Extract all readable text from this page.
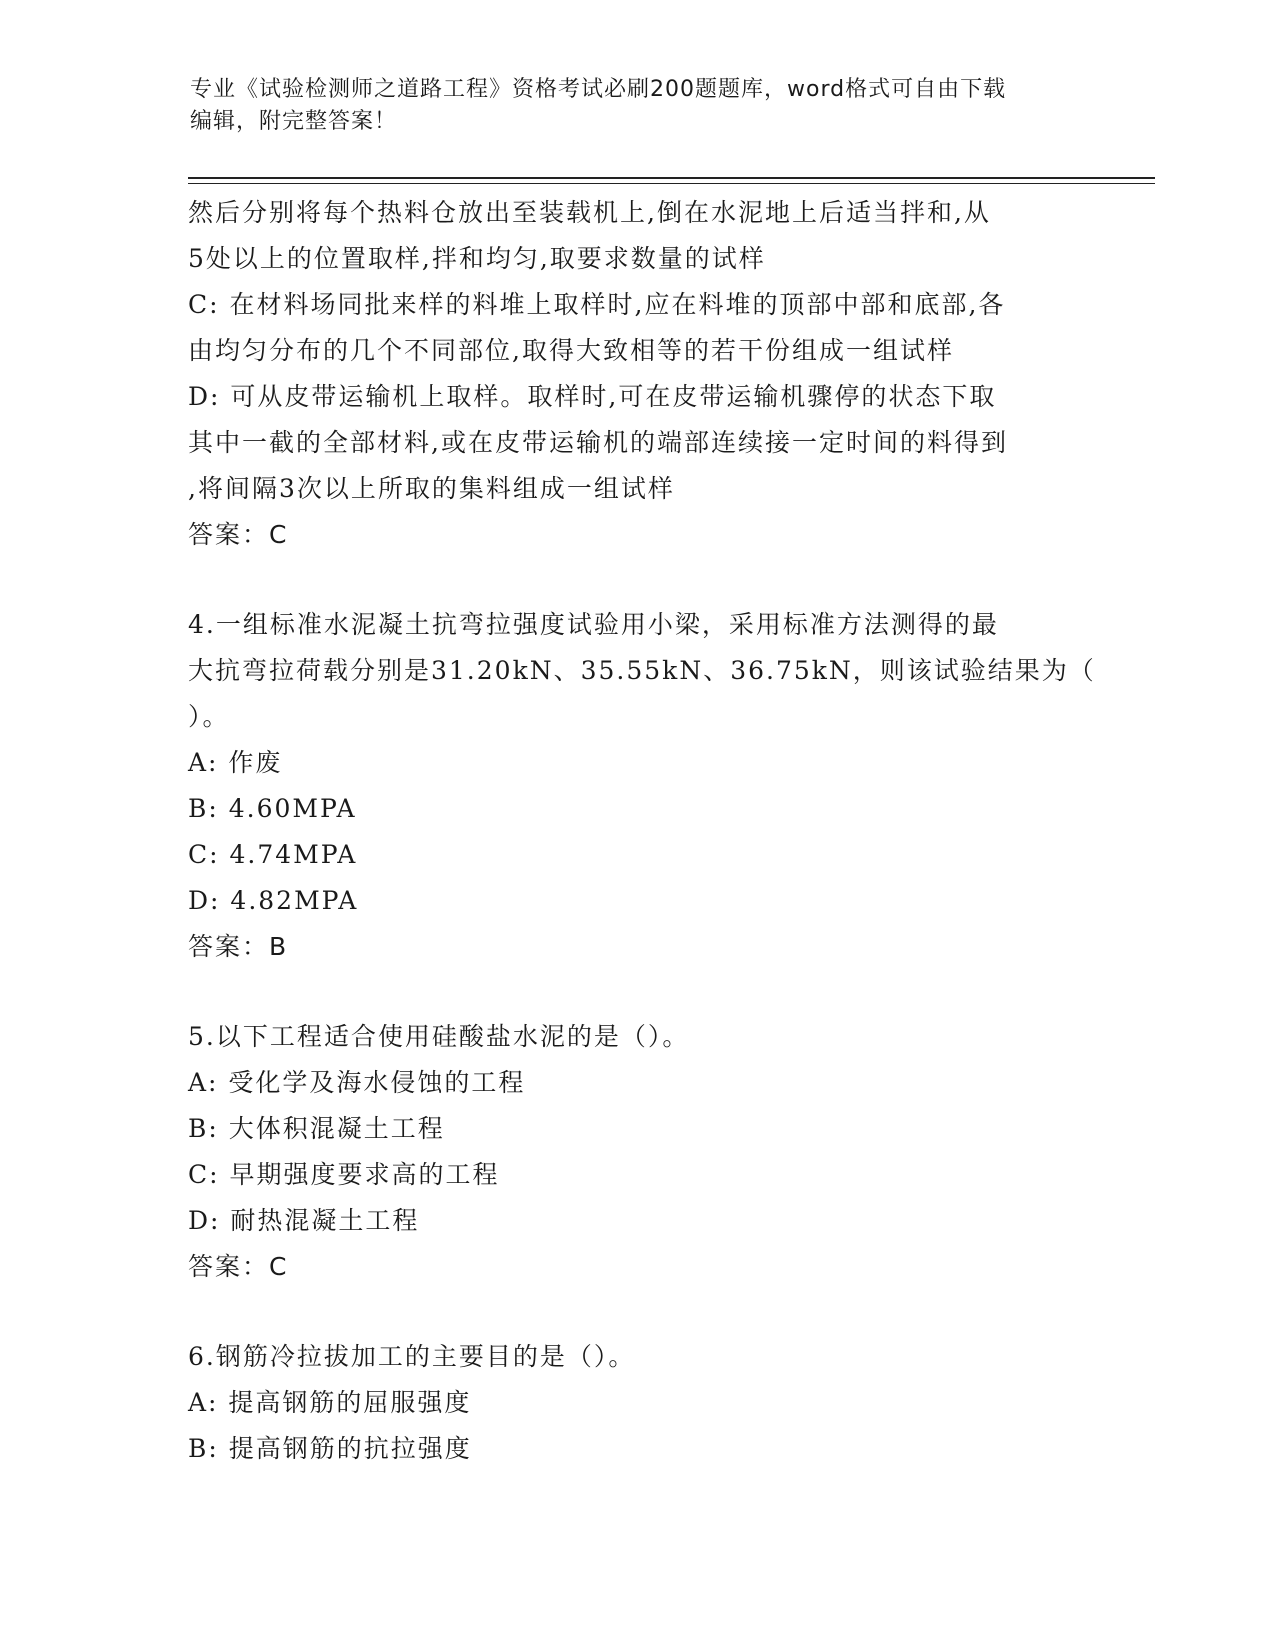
专业《试验检测师之道路工程》资格考试必刷200题题库，word格式可自由下载
编辑，附完整答案！
然后分别将每个热料仓放出至装载机上,倒在水泥地上后适当拌和,从
5处以上的位置取样,拌和均匀,取要求数量的试样
C: 在材料场同批来样的料堆上取样时,应在料堆的顶部中部和底部,各
由均匀分布的几个不同部位,取得大致相等的若干份组成一组试样
D: 可从皮带运输机上取样。取样时,可在皮带运输机骤停的状态下取
其中一截的全部材料,或在皮带运输机的端部连续接一定时间的料得到
,将间隔3次以上所取的集料组成一组试样
答案：C
4.一组标准水泥凝土抗弯拉强度试验用小梁，采用标准方法测得的最
大抗弯拉荷载分别是31.20kN、35.55kN、36.75kN，则该试验结果为（
）。
A: 作废
B: 4.60MPA
C: 4.74MPA
D: 4.82MPA
答案：B
5.以下工程适合使用硅酸盐水泥的是（）。
A: 受化学及海水侵蚀的工程
B: 大体积混凝土工程
C: 早期强度要求高的工程
D: 耐热混凝土工程
答案：C
6.钢筋冷拉拔加工的主要目的是（）。
A: 提高钢筋的屈服强度
B: 提高钢筋的抗拉强度
